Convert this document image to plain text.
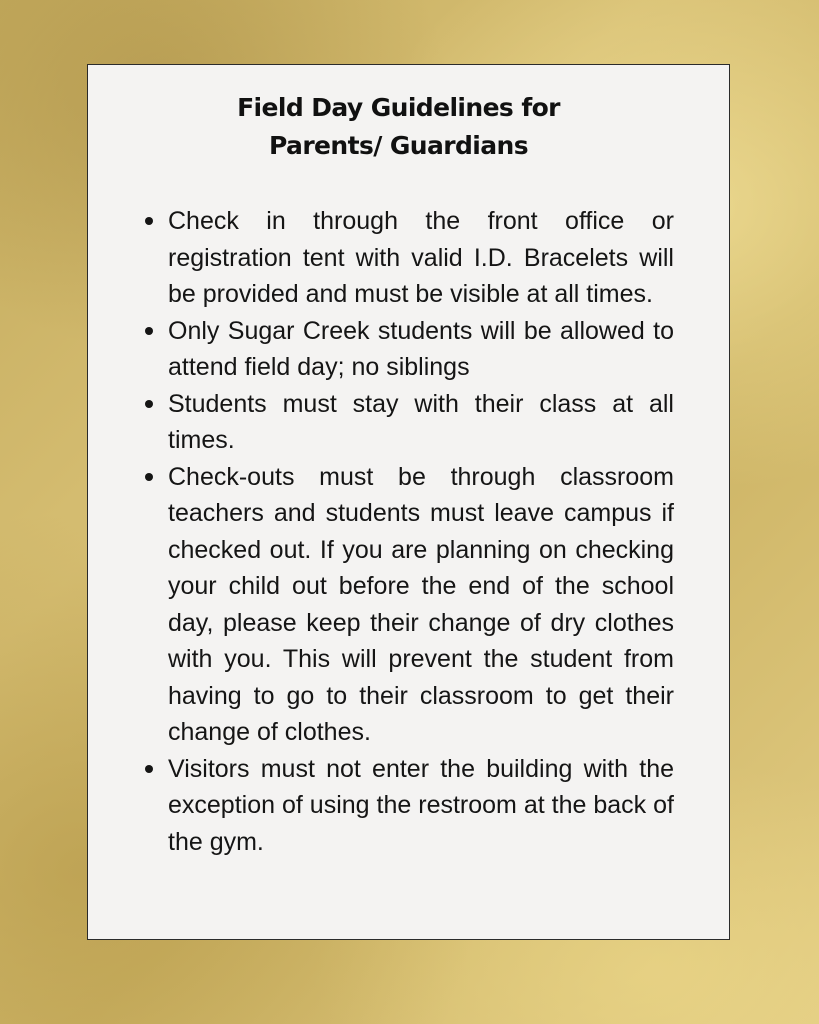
Field Day Guidelines for
Parents/ Guardians
Check in through the front office or registration tent with valid I.D. Bracelets will be provided and must be visible at all times.
Only Sugar Creek students will be allowed to attend field day; no siblings
Students must stay with their class at all times.
Check-outs must be through classroom teachers and students must leave campus if checked out. If you are planning on checking your child out before the end of the school day, please keep their change of dry clothes with you. This will prevent the student from having to go to their classroom to get their change of clothes.
Visitors must not enter the building with the exception of using the restroom at the back of the gym.
